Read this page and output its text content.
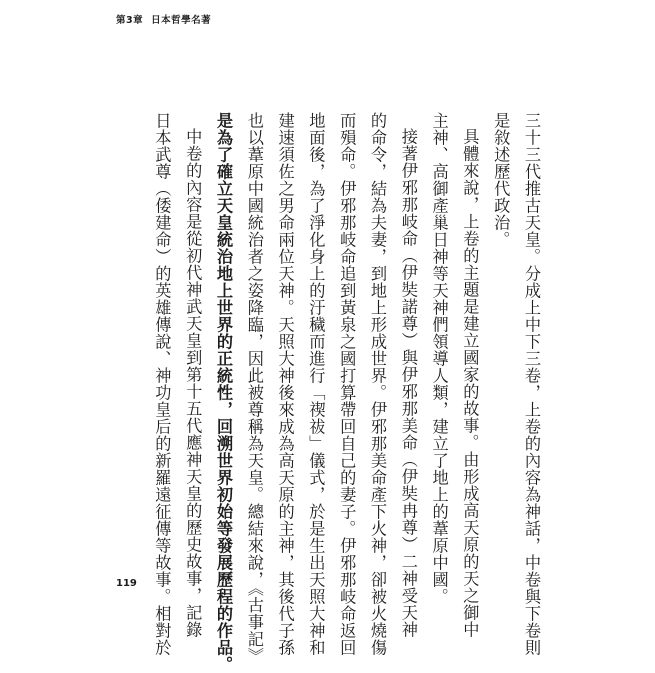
第3章 日本哲學名著
三十三代推古天皇。分成上中下三卷，上卷的內容為神話，中卷與下卷則
是敘述歷代政治。
具體來說，上卷的主題是建立國家的故事。由形成高天原的天之御中
主神、高御產巢日神等天神們領導人類，建立了地上的葦原中國。
接著伊邪那岐命（伊奘諾尊）與伊邪那美命（伊奘冉尊）二神受天神
的命令，結為夫妻，到地上形成世界。伊邪那美命產下火神，卻被火燒傷
而殞命。伊邪那岐命追到黃泉之國打算帶回自己的妻子。伊邪那岐命返回
地面後，為了淨化身上的汙穢而進行「禊祓」儀式，於是生出天照大神和
建速須佐之男命兩位天神。天照大神後來成為高天原的主神，其後代子孫
也以葦原中國統治者之姿降臨，因此被尊稱為天皇。總結來說，《古事記》
是為了確立天皇統治地上世界的正統性，回溯世界初始等發展歷程的作品。
中卷的內容是從初代神武天皇到第十五代應神天皇的歷史故事，記錄
日本武尊（倭建命）的英雄傳說、神功皇后的新羅遠征傳等故事。相對於
119
